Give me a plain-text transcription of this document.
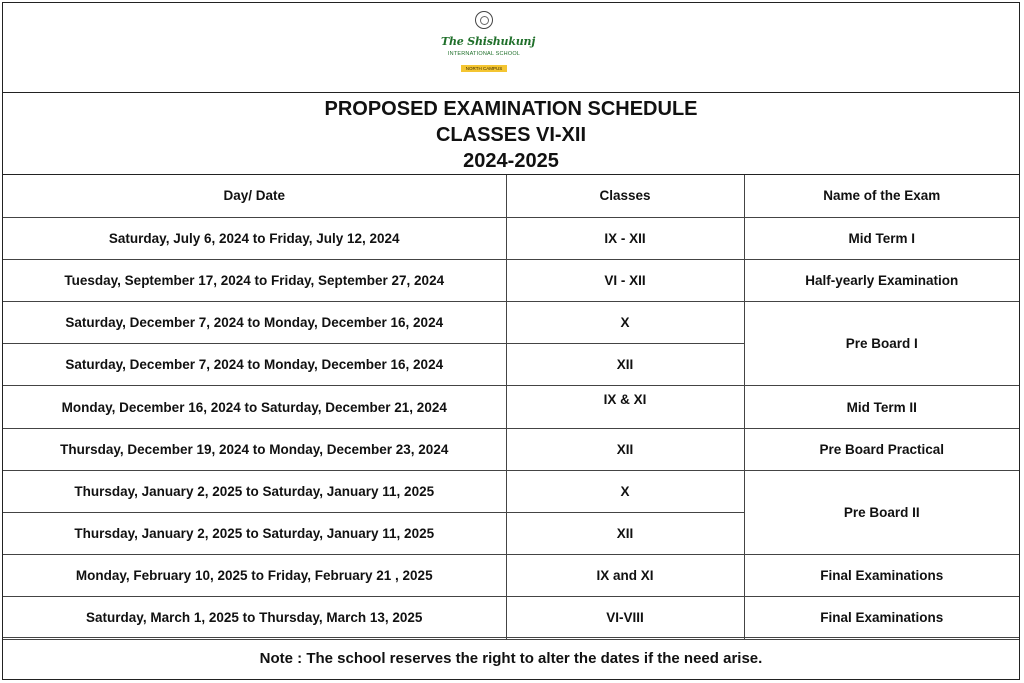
The Shishukunj
INTERNATIONAL SCHOOL
NORTH CAMPUS
PROPOSED EXAMINATION SCHEDULE
CLASSES VI-XII
2024-2025
Day/ Date	Classes	Name of the Exam
Saturday, July 6, 2024 to Friday, July 12, 2024	IX - XII	Mid Term I
Tuesday, September 17, 2024 to Friday, September 27, 2024	VI - XII	Half-yearly Examination
Saturday, December 7, 2024 to Monday, December 16, 2024	X	Pre Board I
Saturday, December 7, 2024 to Monday, December 16, 2024	XII	
Monday, December 16, 2024 to Saturday, December 21, 2024	IX & XI	Mid Term II
Thursday, December 19, 2024 to Monday, December 23, 2024	XII	Pre Board Practical
Thursday, January 2, 2025 to Saturday, January 11, 2025	X	Pre Board II
Thursday, January 2, 2025 to Saturday, January 11, 2025	XII	
Monday, February 10, 2025 to Friday, February 21 , 2025	IX and XI	Final Examinations
Saturday, March 1, 2025 to Thursday, March 13, 2025	VI-VIII	Final Examinations
Note : The school reserves the right to alter the dates if the need arise.
